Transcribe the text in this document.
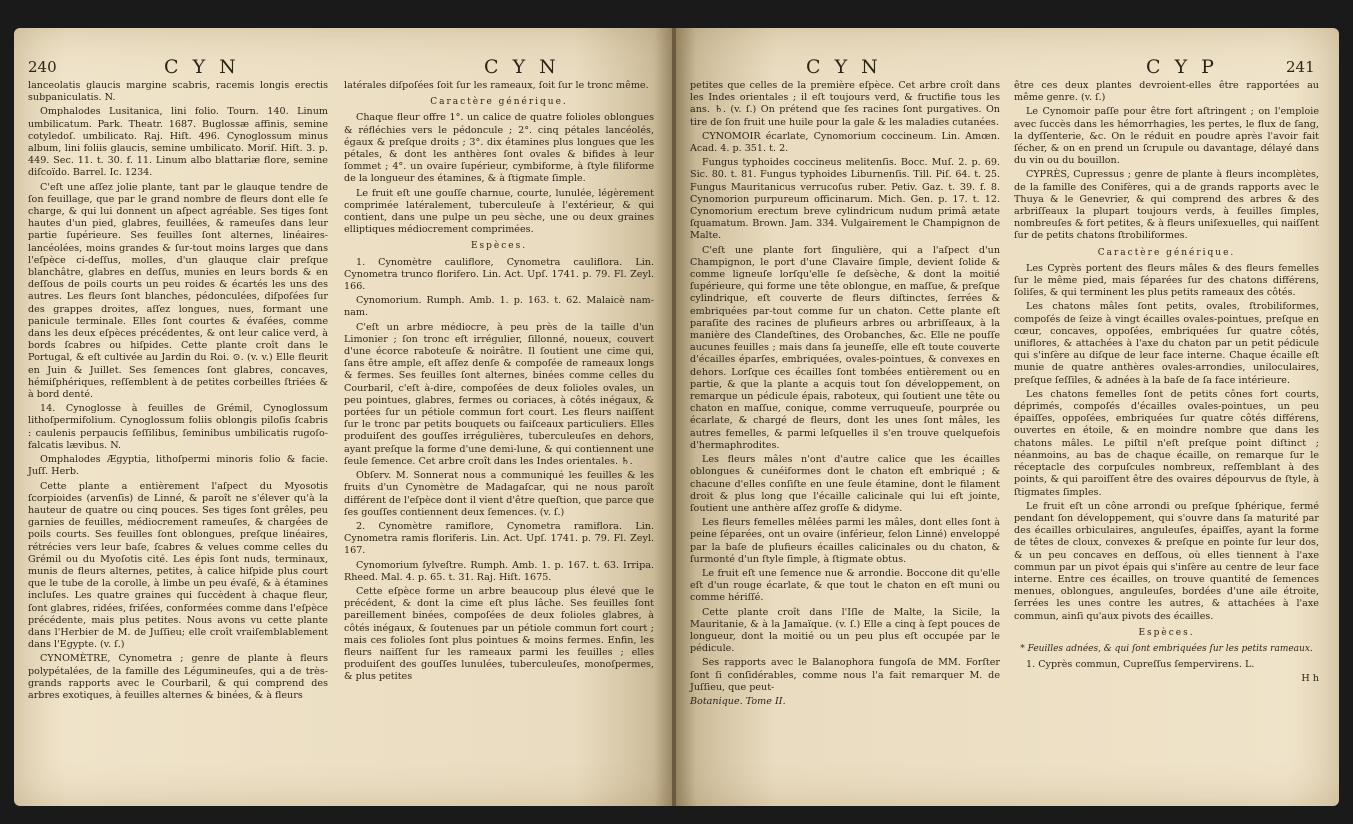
240	C Y N	C Y N

lanceolatis glaucis margine scabris, racemis longis erectis subpaniculatis. N.

Omphalodes Lusitanica, lini folio. Tourn. 140. Linum umbilicatum. Park. Theatr. 1687. Buglossæ affinis, semine cotyledoſ. umbilicato. Raj. Hiſt. 496. Cynoglossum minus album, lini foliis glaucis, semine umbilicato. Moriſ. Hiſt. 3. p. 449. Sec. 11. t. 30. f. 11. Linum albo blattariæ flore, semine diſcoïdo. Barrel. Ic. 1234.

C'eſt une aſſez jolie plante, tant par le glauque tendre de ſon feuillage, que par le grand nombre de fleurs dont elle ſe charge, & qui lui donnent un aſpect agréable. Ses tiges ſont hautes d'un pied, glabres, feuillées, & rameuſes dans leur partie ſupérieure. Ses feuilles ſont alternes, linéaires-lancéolées, moins grandes & ſur-tout moins larges que dans l'eſpèce ci-deſſus, molles, d'un glauque clair preſque blanchâtre, glabres en deſſus, munies en leurs bords & en deſſous de poils courts un peu roides & écartés les uns des autres. Les fleurs ſont blanches, pédonculées, diſpoſées ſur des grappes droites, aſſez longues, nues, formant une panicule terminale. Elles ſont courtes & évaſées, comme dans les deux eſpèces précédentes, & ont leur calice verd, à bords ſcabres ou hiſpides. Cette plante croît dans le Portugal, & eſt cultivée au Jardin du Roi. ⊙. (v. v.) Elle fleurit en Juin & Juillet. Ses ſemences ſont glabres, concaves, hémiſphériques, reſſemblent à de petites corbeilles ſtriées & à bord denté.

14. Cynoglosse à feuilles de Grémil, Cynoglossum lithoſpermifolium. Cynoglossum foliis oblongis piloſis ſcabris : caulenis perpaucis ſeſſilibus, ſeminibus umbilicatis rugoſo-falcatis lævibus. N.

Omphalodes Ægyptia, lithoſpermi minoris folio & facie. Juſſ. Herb.

Cette plante a entièrement l'aſpect du Myosotis ſcorpioides (arvenſis) de Linné, & paroît ne s'élever qu'à la hauteur de quatre ou cinq pouces. Ses tiges ſont grêles, peu garnies de feuilles, médiocrement rameuſes, & chargées de poils courts. Ses feuilles ſont oblongues, preſque linéaires, rétrécies vers leur baſe, ſcabres & velues comme celles du Grémil ou du Myoſotis cité. Les épis ſont nuds, terminaux, munis de fleurs alternes, petites, à calice hiſpide plus court que le tube de la corolle, à limbe un peu évaſé, & à étamines incluſes. Les quatre graines qui ſuccèdent à chaque fleur, ſont glabres, ridées, friſées, conformées comme dans l'eſpèce précédente, mais plus petites. Nous avons vu cette plante dans l'Herbier de M. de Juſſieu; elle croît vraiſemblablement dans l'Egypte. (v. ſ.)

CYNOMÈTRE, Cynometra ; genre de plante à fleurs polypétalées, de la famille des Légumineuſes, qui a de très-grands rapports avec le Courbaril, & qui comprend des arbres exotiques, à feuilles alternes & binées, & à fleurs

latérales diſpoſées ſoit ſur les rameaux, ſoit ſur le tronc même.

Caractère générique.

Chaque fleur offre 1°. un calice de quatre folioles oblongues & réfléchies vers le pédoncule ; 2°. cinq pétales lancéolés, égaux & preſque droits ; 3°. dix étamines plus longues que les pétales, & dont les anthères ſont ovales & bifides à leur ſommet ; 4°. un ovaire ſupérieur, cymbiforme, à ſtyle filiforme de la longueur des étamines, & à ſtigmate ſimple.

Le fruit eſt une gouſſe charnue, courte, lunulée, légèrement comprimée latéralement, tuberculeuſe à l'extérieur, & qui contient, dans une pulpe un peu sèche, une ou deux graines elliptiques médiocrement comprimées.

Espèces.

1. Cynomètre cauliflore, Cynometra cauliflora. Lin. Cynometra trunco florifero. Lin. Act. Upſ. 1741. p. 79. Fl. Zeyl. 166.

Cynomorium. Rumph. Amb. 1. p. 163. t. 62. Malaicè nam-nam.

C'eſt un arbre médiocre, à peu près de la taille d'un Limonier ; ſon tronc eſt irrégulier, ſillonné, noueux, couvert d'une écorce raboteuſe & noirâtre. Il ſoutient une cime qui, ſans être ample, eſt aſſez denſe & compoſée de rameaux longs & fermes. Ses feuilles ſont alternes, binées comme celles du Courbaril, c'eſt à-dire, compoſées de deux folioles ovales, un peu pointues, glabres, fermes ou coriaces, à côtés inégaux, & portées ſur un pétiole commun fort court. Les fleurs naiſſent ſur le tronc par petits bouquets ou faiſceaux particuliers. Elles produiſent des gouſſes irrégulières, tuberculeuſes en dehors, ayant preſque la forme d'une demi-lune, & qui contiennent une ſeule ſemence. Cet arbre croît dans les Indes orientales. ♄.

Obſerv. M. Sonnerat nous a communiqué les feuilles & les fruits d'un Cynomètre de Madagaſcar, qui ne nous paroît différent de l'eſpèce dont il vient d'être queſtion, que parce que ſes gouſſes contiennent deux ſemences. (v. ſ.)

2. Cynomètre ramiflore, Cynometra ramiflora. Lin. Cynometra ramis floriferis. Lin. Act. Upſ. 1741. p. 79. Fl. Zeyl. 167.

Cynomorium ſylveſtre. Rumph. Amb. 1. p. 167. t. 63. Irripa. Rheed. Mal. 4. p. 65. t. 31. Raj. Hiſt. 1675.

Cette eſpèce forme un arbre beaucoup plus élevé que le précédent, & dont la cime eſt plus lâche. Ses feuilles ſont pareillement binées, compoſées de deux folioles glabres, à côtés inégaux, & ſoutenues par un pétiole commun fort court ; mais ces folioles ſont plus pointues & moins fermes. Enfin, les fleurs naiſſent ſur les rameaux parmi les feuilles ; elles produiſent des gouſſes lunulées, tuberculeuſes, monoſpermes, & plus petites

C Y N	C Y P	241

petites que celles de la première eſpèce. Cet arbre croît dans les Indes orientales ; il eſt toujours verd, & fructifie tous les ans. ♄. (v. ſ.) On prétend que ſes racines ſont purgatives. On tire de ſon fruit une huile pour la gale & les maladies cutanées.

CYNOMOIR écarlate, Cynomorium coccineum. Lin. Amœn. Acad. 4. p. 351. t. 2.

Fungus typhoides coccineus melitenſis. Bocc. Muſ. 2. p. 69. Sic. 80. t. 81. Fungus typhoides Liburnenſis. Till. Piſ. 64. t. 25. Fungus Mauritanicus verrucoſus ruber. Petiv. Gaz. t. 39. f. 8. Cynomorion purpureum officinarum. Mich. Gen. p. 17. t. 12. Cynomorium erectum breve cylindricum nudum primâ ætate ſquamatum. Brown. Jam. 334. Vulgairement le Champignon de Malte.

C'eſt une plante fort ſingulière, qui a l'aſpect d'un Champignon, le port d'une Clavaire ſimple, devient ſolide & comme ligneuſe lorſqu'elle ſe deſsèche, & dont la moitié ſupérieure, qui forme une tête oblongue, en maſſue, & preſque cylindrique, eſt couverte de fleurs diſtinctes, ſerrées & embriquées par-tout comme ſur un chaton. Cette plante eſt paraſite des racines de plufieurs arbres ou arbriſſeaux, à la manière des Clandeſtines, des Orobanches, &c. Elle ne pouſſe aucunes feuilles ; mais dans ſa jeuneſſe, elle eſt toute couverte d'écailles éparſes, embriquées, ovales-pointues, & convexes en dehors. Lorſque ces écailles ſont tombées entièrement ou en partie, & que la plante a acquis tout ſon développement, on remarque un pédicule épais, raboteux, qui ſoutient une tête ou chaton en maſſue, conique, comme verruqueuſe, pourprée ou écarlate, & chargé de fleurs, dont les unes ſont mâles, les autres femelles, & parmi leſquelles il s'en trouve quelquefois d'hermaphrodites.

Les fleurs mâles n'ont d'autre calice que les écailles oblongues & cunéiformes dont le chaton eſt embriqué ; & chacune d'elles conſiſte en une ſeule étamine, dont le filament droit & plus long que l'écaille calicinale qui lui eſt jointe, ſoutient une anthère aſſez groſſe & didyme.

Les fleurs femelles mêlées parmi les mâles, dont elles ſont à peine ſéparées, ont un ovaire (inférieur, ſelon Linné) enveloppé par la baſe de plufieurs écailles calicinales ou du chaton, & ſurmonté d'un ſtyle ſimple, à ſtigmate obtus.

Le fruit eſt une ſemence nue & arrondie. Boccone dit qu'elle eſt d'un rouge écarlate, & que tout le chaton en eſt muni ou comme hériſſé.

Cette plante croît dans l'Iſle de Malte, la Sicile, la Mauritanie, & à la Jamaïque. (v. ſ.) Elle a cinq à ſept pouces de longueur, dont la moitié ou un peu plus eſt occupée par le pédicule.

Ses rapports avec le Balanophora fungoſa de MM. Forſter ſont ſi conſidérables, comme nous l'a fait remarquer M. de Juſſieu, que peut-

Botanique. Tome II.

être ces deux plantes devroient-elles être rapportées au même genre. (v. ſ.)

Le Cynomoir paſſe pour être fort aſtringent ; on l'emploie avec ſuccès dans les hémorrhagies, les pertes, le flux de ſang, la dyſſenterie, &c. On le réduit en poudre après l'avoir fait ſécher, & on en prend un ſcrupule ou davantage, délayé dans du vin ou du bouillon.

CYPRÈS, Cupressus ; genre de plante à fleurs incomplètes, de la famille des Conifères, qui a de grands rapports avec le Thuya & le Genevrier, & qui comprend des arbres & des arbriſſeaux la plupart toujours verds, à feuilles ſimples, nombreuſes & fort petites, & à fleurs uniſexuelles, qui naiſſent ſur de petits chatons ſtrobiliformes.

Caractère générique.

Les Cyprès portent des fleurs mâles & des fleurs femelles ſur le même pied, mais ſéparées ſur des chatons différens, ſoliſes, & qui terminent les plus petits rameaux des côtés.

Les chatons mâles ſont petits, ovales, ſtrobiliformes, compoſés de ſeize à vingt écailles ovales-pointues, preſque en cœur, concaves, oppoſées, embriquées ſur quatre côtés, uniflores, & attachées à l'axe du chaton par un petit pédicule qui s'inſère au diſque de leur face interne. Chaque écaille eſt munie de quatre anthères ovales-arrondies, uniloculaires, preſque ſeſſiles, & adnées à la baſe de ſa face intérieure.

Les chatons femelles ſont de petits cônes fort courts, déprimés, compoſés d'écailles ovales-pointues, un peu épaiſſes, oppoſées, embriquées ſur quatre côtés différens, ouvertes en étoile, & en moindre nombre que dans les chatons mâles. Le piſtil n'eſt preſque point diſtinct ; néanmoins, au bas de chaque écaille, on remarque ſur le réceptacle des corpuſcules nombreux, reſſemblant à des points, & qui paroiſſent être des ovaires dépourvus de ſtyle, à ſtigmates ſimples.

Le fruit eſt un cône arrondi ou preſque ſphérique, fermé pendant ſon développement, qui s'ouvre dans ſa maturité par des écailles orbiculaires, anguleuſes, épaiſſes, ayant la forme de têtes de cloux, convexes & preſque en pointe ſur leur dos, & un peu concaves en deſſous, où elles tiennent à l'axe commun par un pivot épais qui s'inſère au centre de leur face interne. Entre ces écailles, on trouve quantité de ſemences menues, oblongues, anguleuſes, bordées d'une aile étroite, ſerrées les unes contre les autres, & attachées à l'axe commun, ainſi qu'aux pivots des écailles.

Espèces.

* Feuilles adnées, & qui ſont embriquées ſur les petits rameaux.

1. Cyprès commun, Cupreſſus ſempervirens. L.

H h
